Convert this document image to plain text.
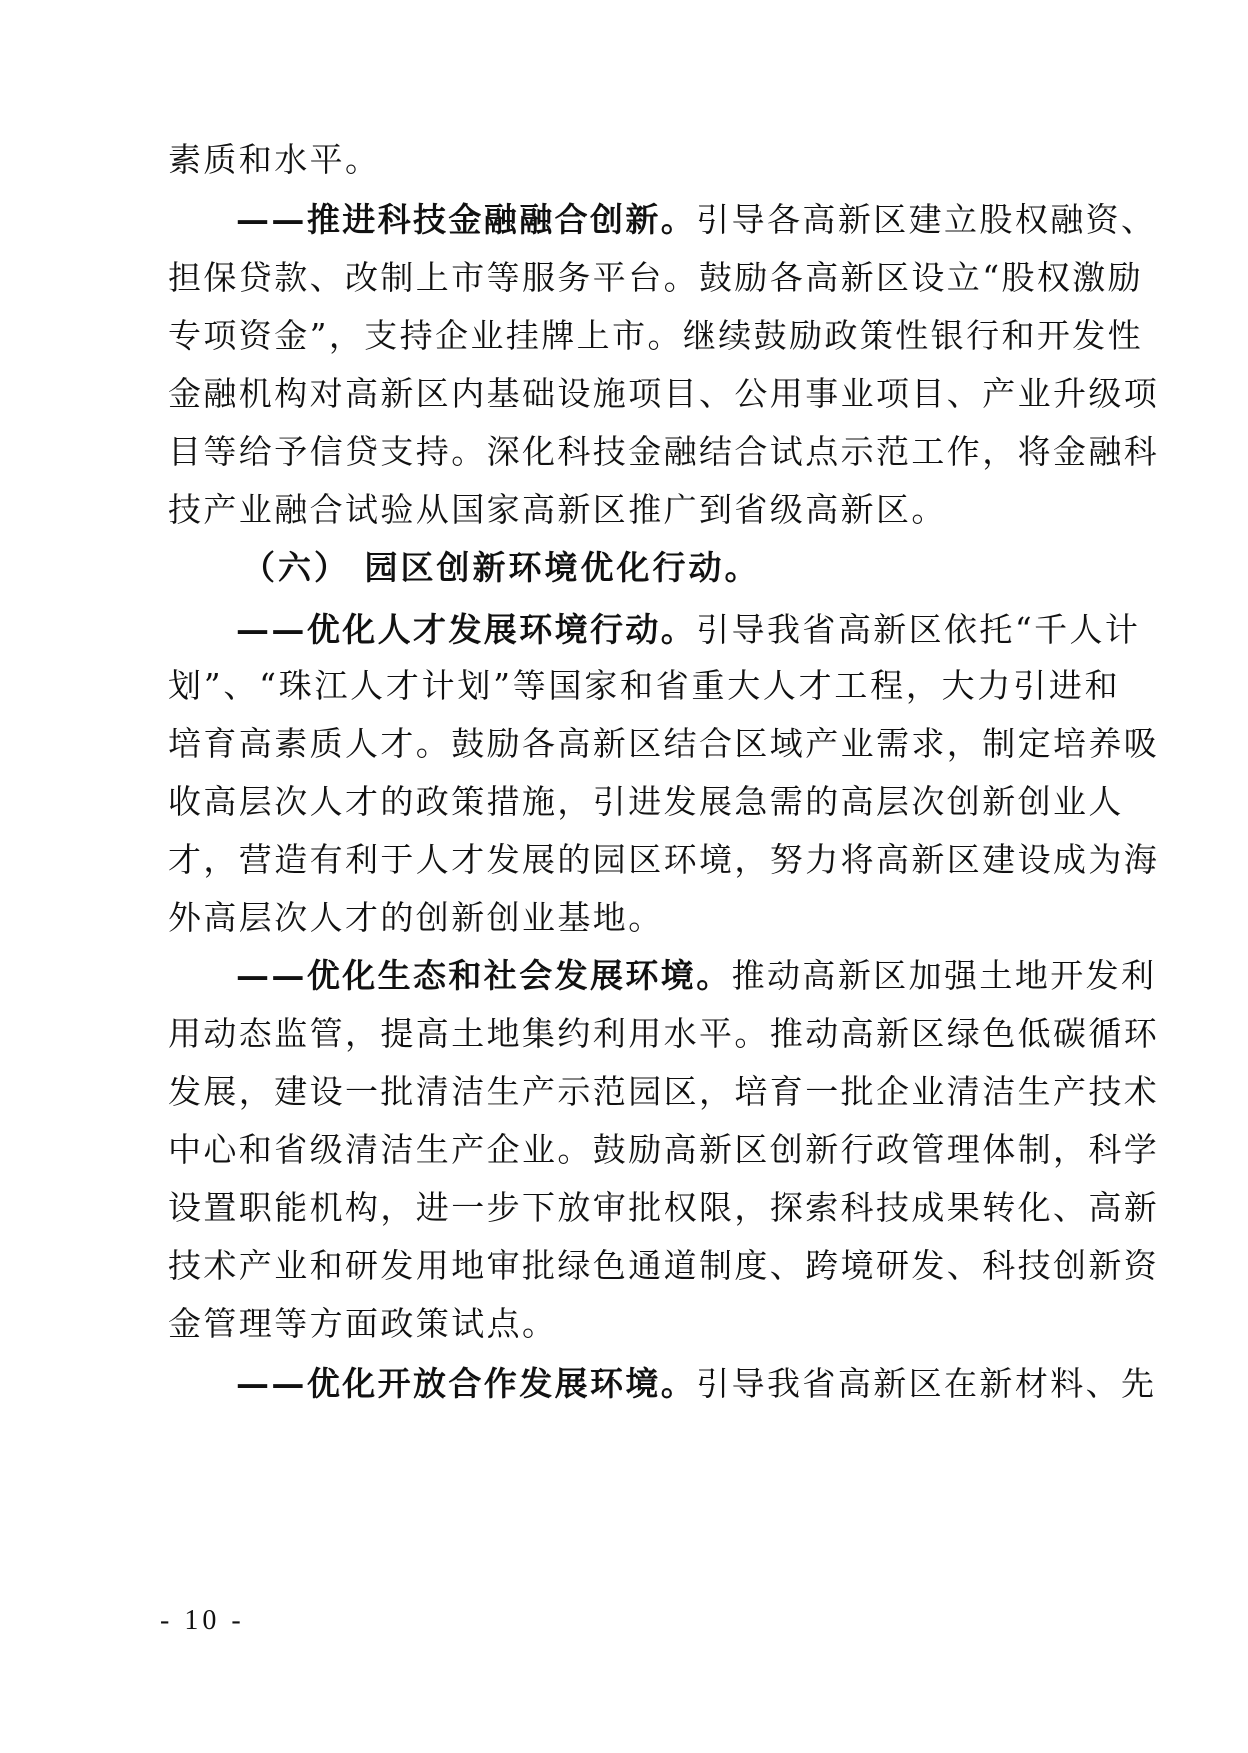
素质和水平。
——推进科技金融融合创新。引导各高新区建立股权融资、
担保贷款、改制上市等服务平台。鼓励各高新区设立“股权激励
专项资金”，支持企业挂牌上市。继续鼓励政策性银行和开发性
金融机构对高新区内基础设施项目、公用事业项目、产业升级项
目等给予信贷支持。深化科技金融结合试点示范工作，将金融科
技产业融合试验从国家高新区推广到省级高新区。
（六） 园区创新环境优化行动。
——优化人才发展环境行动。引导我省高新区依托“千人计
划”、“珠江人才计划”等国家和省重大人才工程，大力引进和
培育高素质人才。鼓励各高新区结合区域产业需求，制定培养吸
收高层次人才的政策措施，引进发展急需的高层次创新创业人
才，营造有利于人才发展的园区环境，努力将高新区建设成为海
外高层次人才的创新创业基地。
——优化生态和社会发展环境。推动高新区加强土地开发利
用动态监管，提高土地集约利用水平。推动高新区绿色低碳循环
发展，建设一批清洁生产示范园区，培育一批企业清洁生产技术
中心和省级清洁生产企业。鼓励高新区创新行政管理体制，科学
设置职能机构，进一步下放审批权限，探索科技成果转化、高新
技术产业和研发用地审批绿色通道制度、跨境研发、科技创新资
金管理等方面政策试点。
——优化开放合作发展环境。引导我省高新区在新材料、先
- 10 -
